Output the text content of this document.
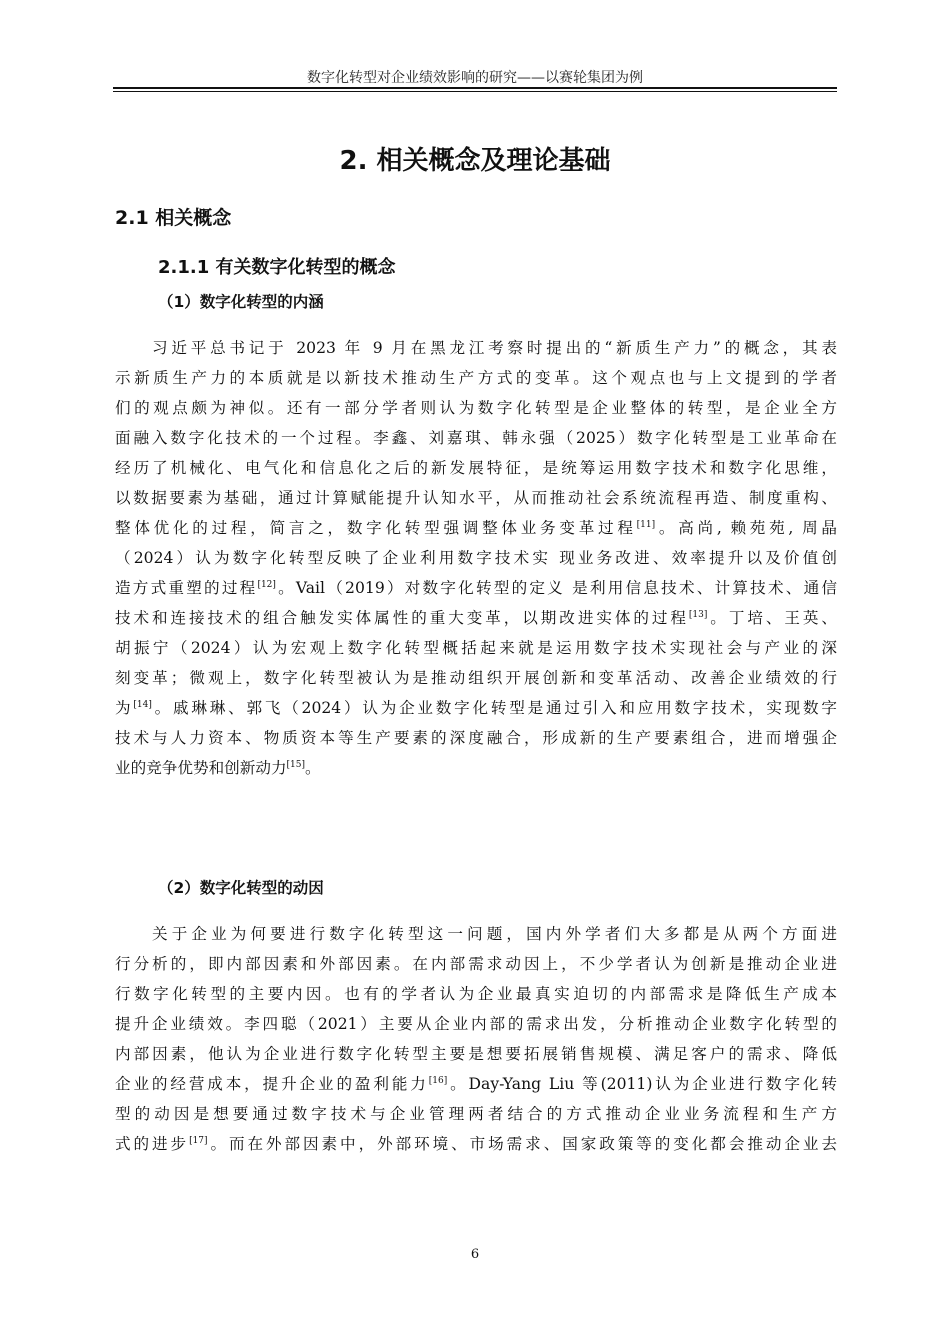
数字化转型对企业绩效影响的研究——以赛轮集团为例
2. 相关概念及理论基础
2.1 相关概念
2.1.1 有关数字化转型的概念
（1）数字化转型的内涵
习近平总书记于 2023 年 9 月在黑龙江考察时提出的“新质生产力”的概念，其表
示新质生产力的本质就是以新技术推动生产方式的变革。这个观点也与上文提到的学者
们的观点颇为神似。还有一部分学者则认为数字化转型是企业整体的转型，是企业全方
面融入数字化技术的一个过程。李鑫、刘嘉琪、韩永强（2025）数字化转型是工业革命在
经历了机械化、电气化和信息化之后的新发展特征，是统筹运用数字技术和数字化思维，
以数据要素为基础，通过计算赋能提升认知水平，从而推动社会系统流程再造、制度重构、
整体优化的过程，简言之，数字化转型强调整体业务变革过程[11]。高尚, 赖苑苑, 周晶
（2024）认为数字化转型反映了企业利用数字技术实 现业务改进、效率提升以及价值创
造方式重塑的过程[12]。Vail（2019）对数字化转型的定义 是利用信息技术、计算技术、通信
技术和连接技术的组合触发实体属性的重大变革，以期改进实体的过程[13]。丁培、王英、
胡振宁（2024）认为宏观上数字化转型概括起来就是运用数字技术实现社会与产业的深
刻变革；微观上，数字化转型被认为是推动组织开展创新和变革活动、改善企业绩效的行
为[14]。戚琳琳、郭飞（2024）认为企业数字化转型是通过引入和应用数字技术，实现数字
技术与人力资本、物质资本等生产要素的深度融合，形成新的生产要素组合，进而增强企
业的竞争优势和创新动力[15]。
（2）数字化转型的动因
关于企业为何要进行数字化转型这一问题，国内外学者们大多都是从两个方面进
行分析的，即内部因素和外部因素。在内部需求动因上，不少学者认为创新是推动企业进
行数字化转型的主要内因。也有的学者认为企业最真实迫切的内部需求是降低生产成本
提升企业绩效。李四聪（2021）主要从企业内部的需求出发，分析推动企业数字化转型的
内部因素，他认为企业进行数字化转型主要是想要拓展销售规模、满足客户的需求、降低
企业的经营成本，提升企业的盈利能力[16]。Day-Yang Liu 等(2011)认为企业进行数字化转
型的动因是想要通过数字技术与企业管理两者结合的方式推动企业业务流程和生产方
式的进步[17]。而在外部因素中，外部环境、市场需求、国家政策等的变化都会推动企业去
6
